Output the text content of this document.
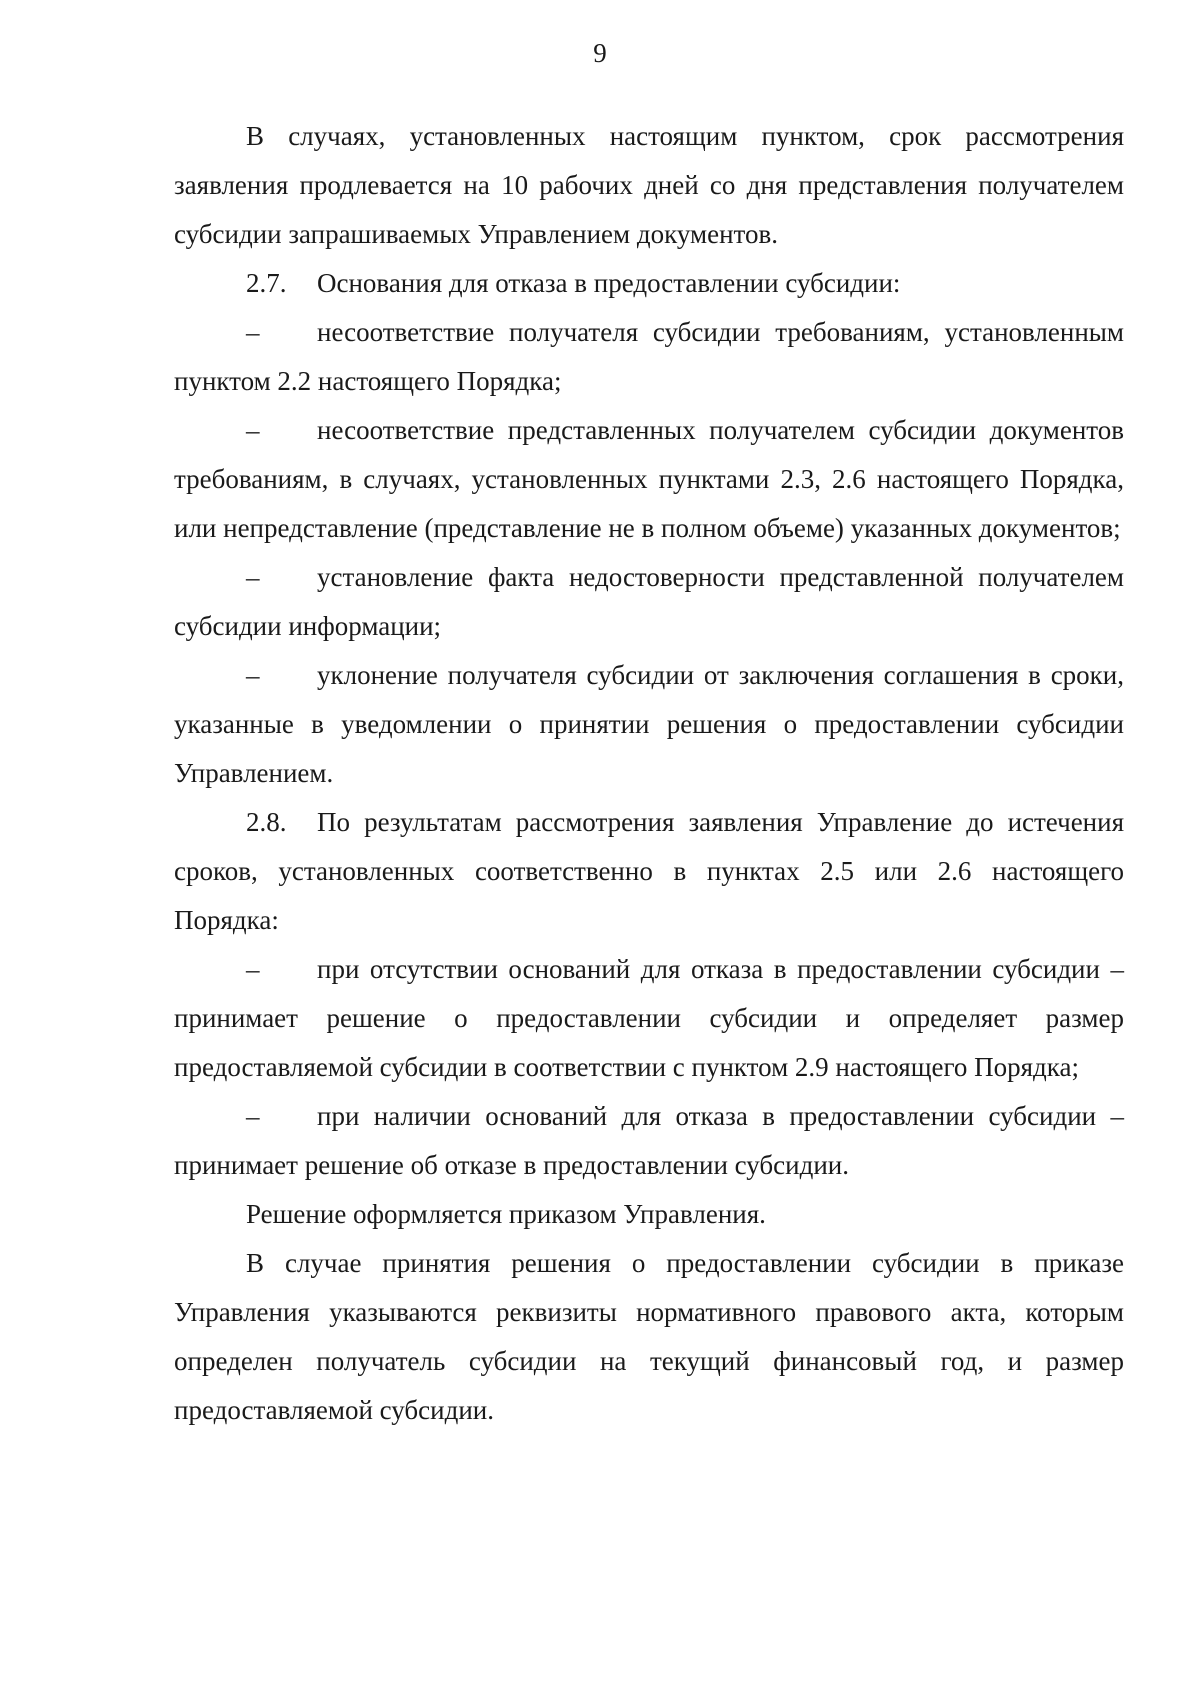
9

В случаях, установленных настоящим пунктом, срок рассмотрения заявления продлевается на 10 рабочих дней со дня представления получателем субсидии запрашиваемых Управлением документов.

2.7. Основания для отказа в предоставлении субсидии:

– несоответствие получателя субсидии требованиям, установленным пунктом 2.2 настоящего Порядка;

– несоответствие представленных получателем субсидии документов требованиям, в случаях, установленных пунктами 2.3, 2.6 настоящего Порядка, или непредставление (представление не в полном объеме) указанных документов;

– установление факта недостоверности представленной получателем субсидии информации;

– уклонение получателя субсидии от заключения соглашения в сроки, указанные в уведомлении о принятии решения о предоставлении субсидии Управлением.

2.8. По результатам рассмотрения заявления Управление до истечения сроков, установленных соответственно в пунктах 2.5 или 2.6 настоящего Порядка:

– при отсутствии оснований для отказа в предоставлении субсидии – принимает решение о предоставлении субсидии и определяет размер предоставляемой субсидии в соответствии с пунктом 2.9 настоящего Порядка;

– при наличии оснований для отказа в предоставлении субсидии – принимает решение об отказе в предоставлении субсидии.

Решение оформляется приказом Управления.

В случае принятия решения о предоставлении субсидии в приказе Управления указываются реквизиты нормативного правового акта, которым определен получатель субсидии на текущий финансовый год, и размер предоставляемой субсидии.
